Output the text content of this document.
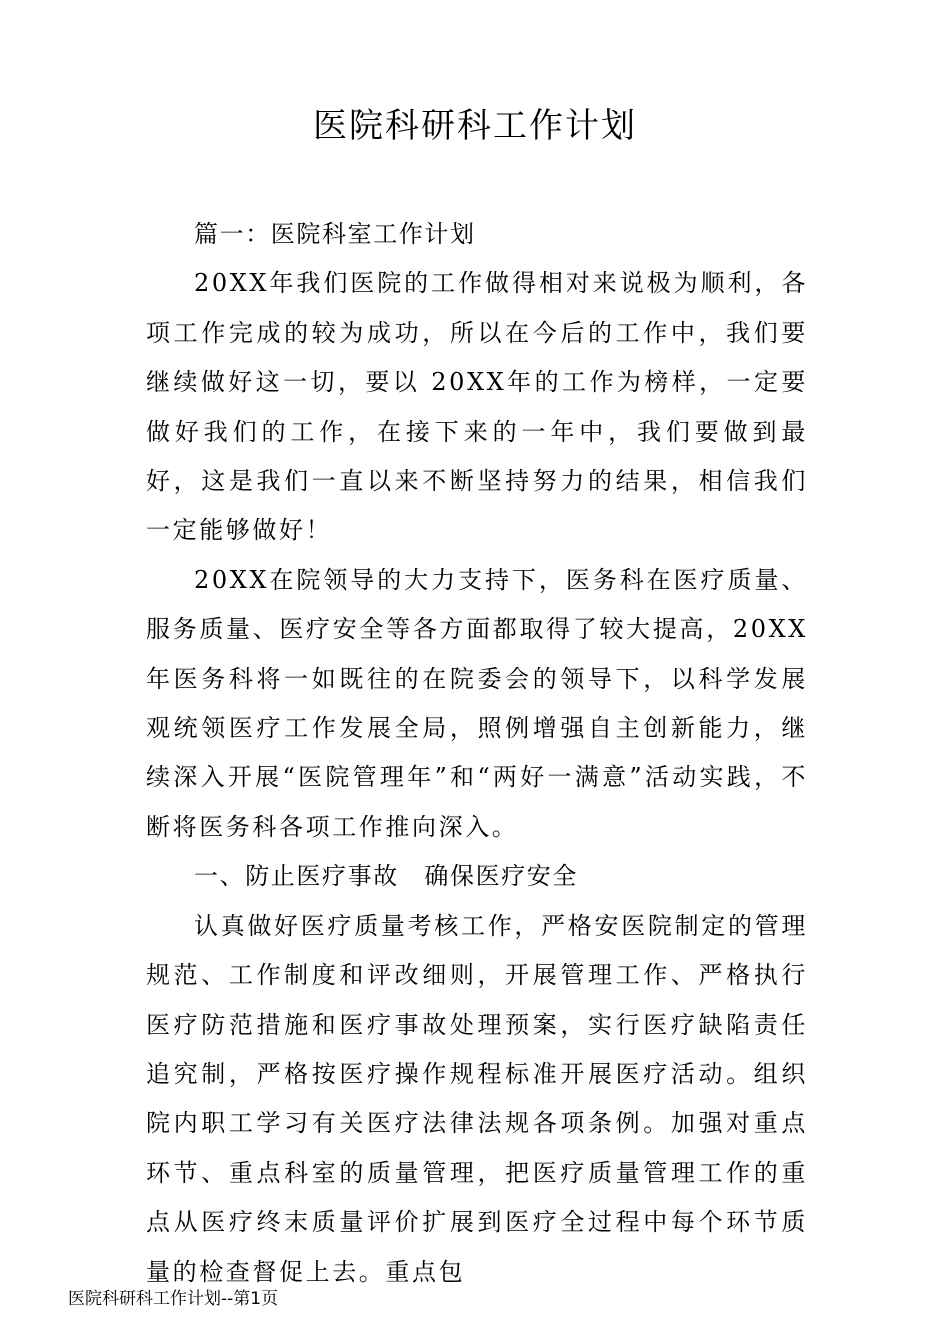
医院科研科工作计划

篇一：医院科室工作计划

20XX年我们医院的工作做得相对来说极为顺利，各项工作完成的较为成功，所以在今后的工作中，我们要继续做好这一切，要以 20XX年的工作为榜样，一定要做好我们的工作，在接下来的一年中，我们要做到最好，这是我们一直以来不断坚持努力的结果，相信我们一定能够做好！

20XX在院领导的大力支持下，医务科在医疗质量、服务质量、医疗安全等各方面都取得了较大提高，20XX年医务科将一如既往的在院委会的领导下，以科学发展观统领医疗工作发展全局，照例增强自主创新能力，继续深入开展“医院管理年”和“两好一满意”活动实践，不断将医务科各项工作推向深入。

一、防止医疗事故　确保医疗安全

认真做好医疗质量考核工作，严格安医院制定的管理规范、工作制度和评改细则，开展管理工作、严格执行医疗防范措施和医疗事故处理预案，实行医疗缺陷责任追究制，严格按医疗操作规程标准开展医疗活动。组织院内职工学习有关医疗法律法规各项条例。加强对重点环节、重点科室的质量管理，把医疗质量管理工作的重点从医疗终末质量评价扩展到医疗全过程中每个环节质量的检查督促上去。重点包

医院科研科工作计划--第1页
